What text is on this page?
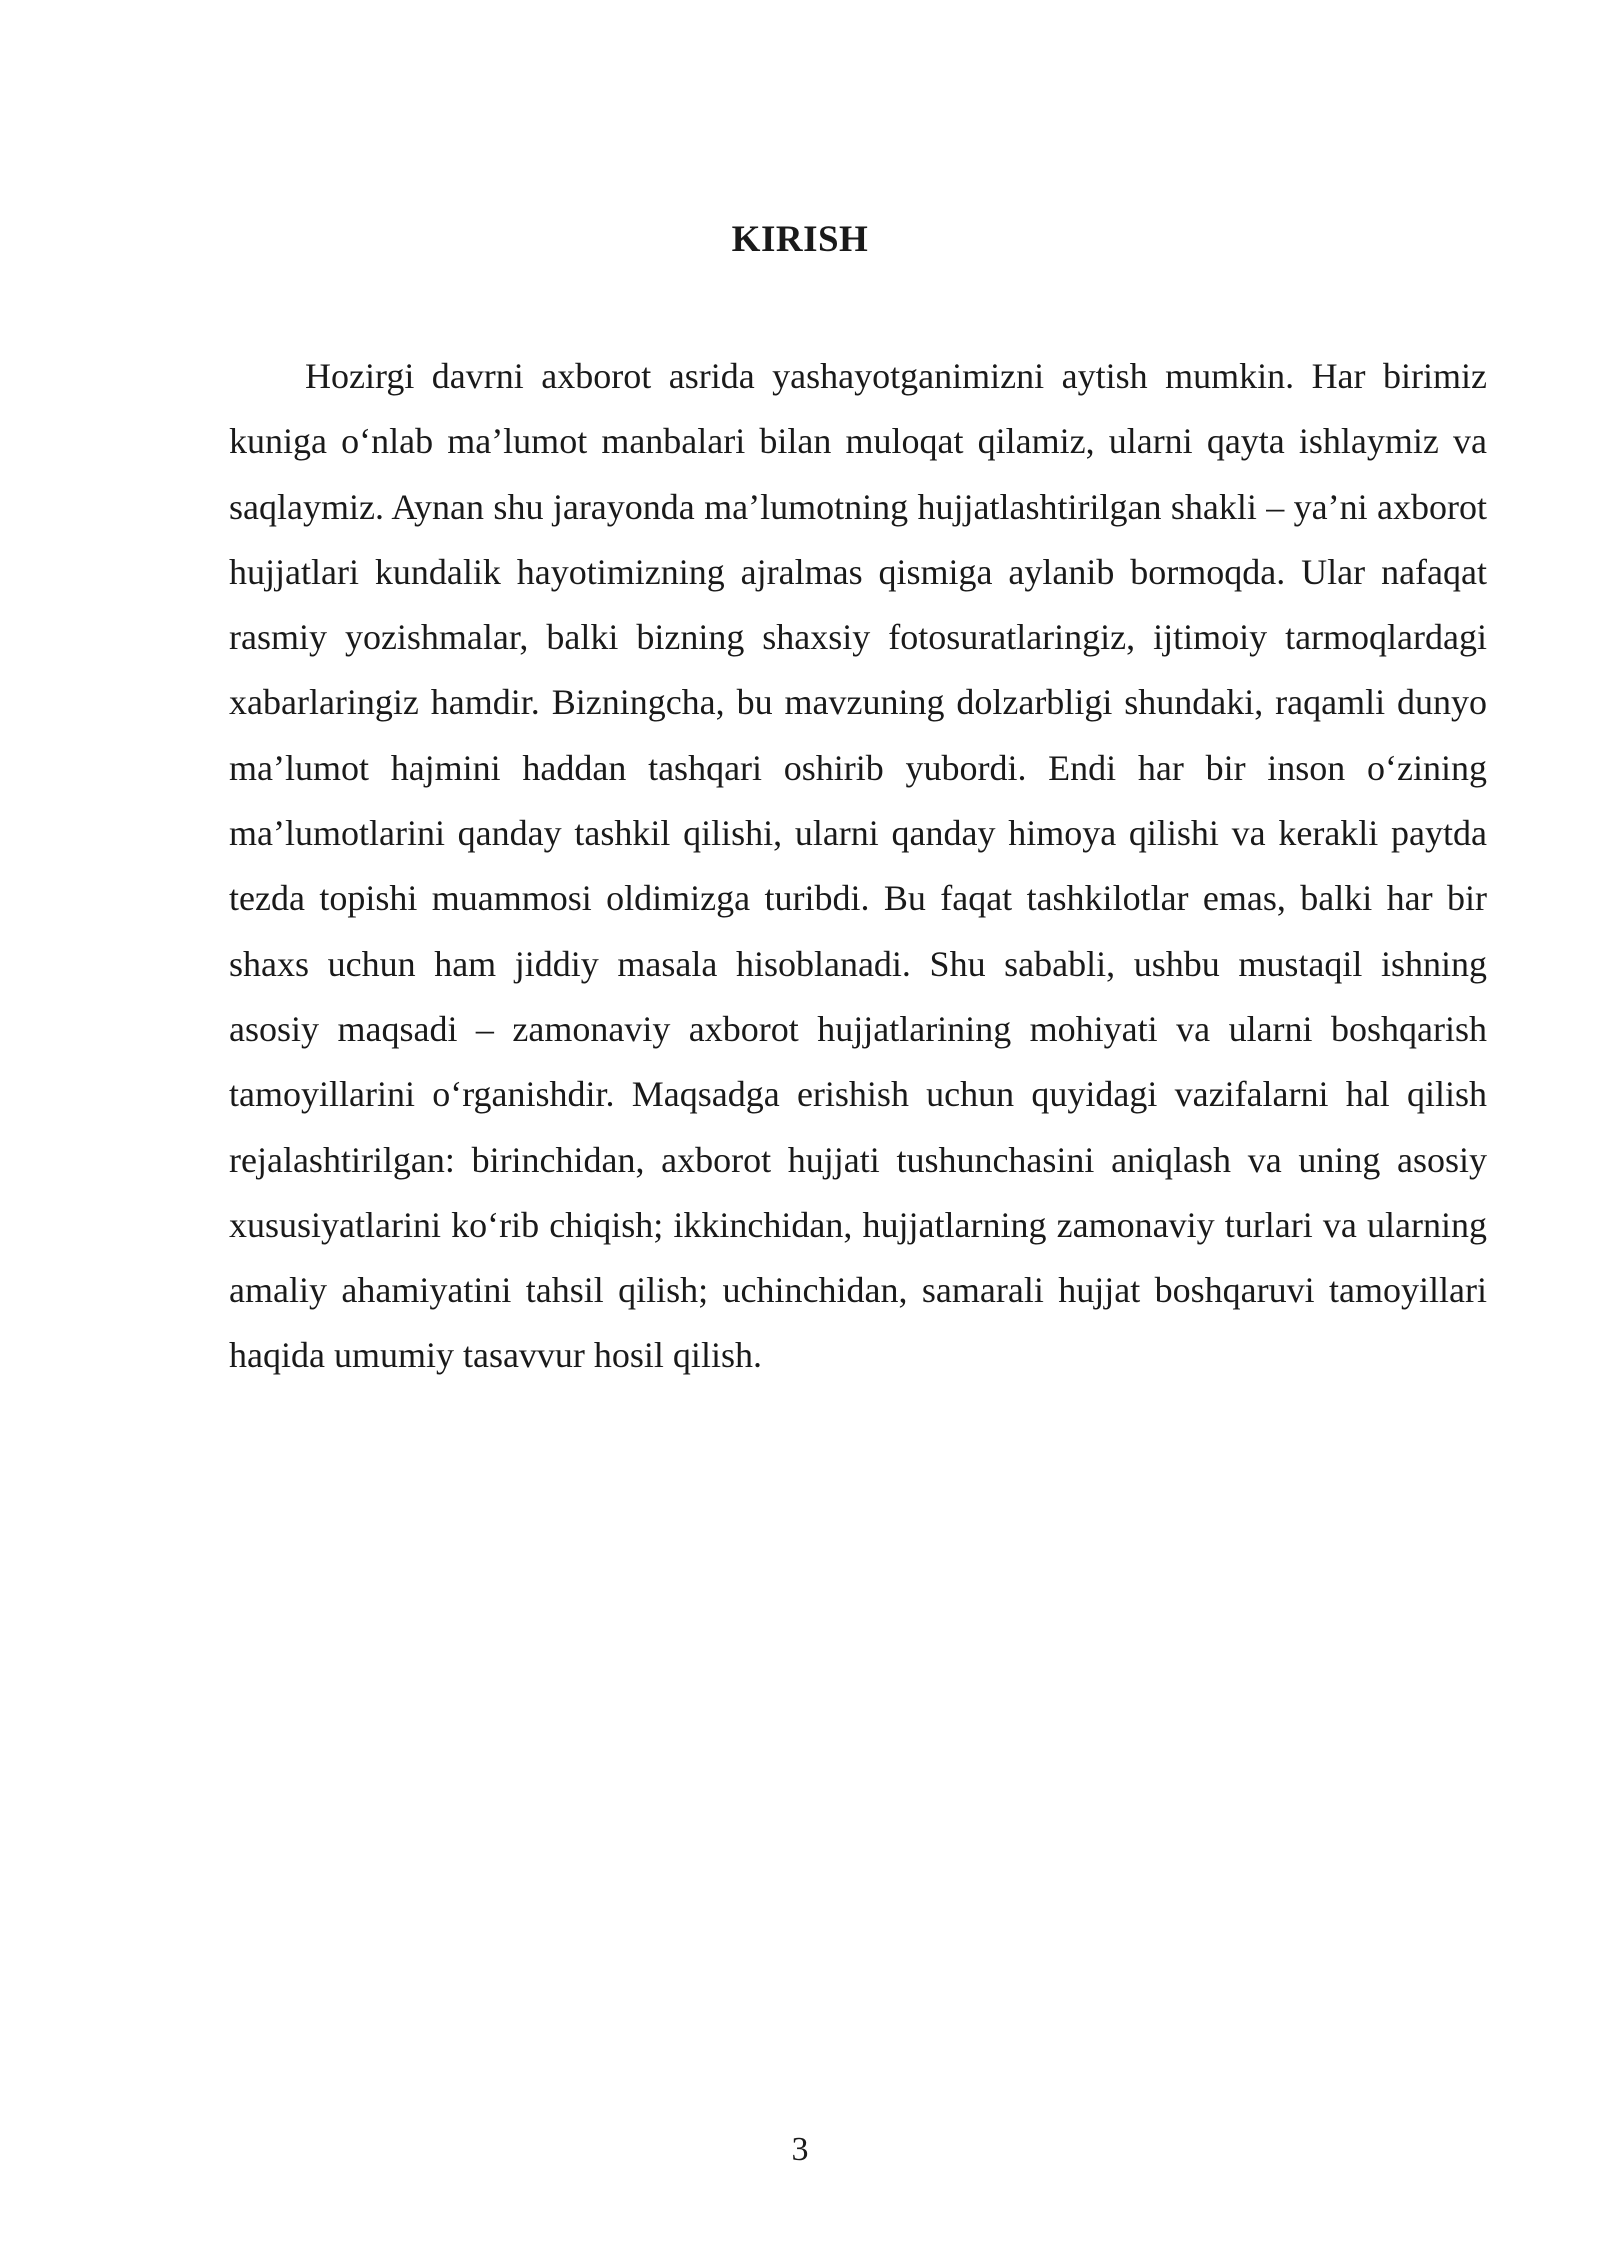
KIRISH

Hozirgi davrni axborot asrida yashayotganimizni aytish mumkin. Har birimiz kuniga o‘nlab ma’lumot manbalari bilan muloqat qilamiz, ularni qayta ishlaymiz va saqlaymiz. Aynan shu jarayonda ma’lumotning hujjatlashtirilgan shakli – ya’ni axborot hujjatlari kundalik hayotimizning ajralmas qismiga aylanib bormoqda. Ular nafaqat rasmiy yozishmalar, balki bizning shaxsiy fotosuratlaringiz, ijtimoiy tarmoqlardagi xabarlaringiz hamdir. Bizningcha, bu mavzuning dolzarbligi shundaki, raqamli dunyo ma’lumot hajmini haddan tashqari oshirib yubordi. Endi har bir inson o‘zining ma’lumotlarini qanday tashkil qilishi, ularni qanday himoya qilishi va kerakli paytda tezda topishi muammosi oldimizga turibdi. Bu faqat tashkilotlar emas, balki har bir shaxs uchun ham jiddiy masala hisoblanadi. Shu sababli, ushbu mustaqil ishning asosiy maqsadi – zamonaviy axborot hujjatlarining mohiyati va ularni boshqarish tamoyillarini o‘rganishdir. Maqsadga erishish uchun quyidagi vazifalarni hal qilish rejalashtirilgan: birinchidan, axborot hujjati tushunchasini aniqlash va uning asosiy xususiyatlarini ko‘rib chiqish; ikkinchidan, hujjatlarning zamonaviy turlari va ularning amaliy ahamiyatini tahsil qilish; uchinchidan, samarali hujjat boshqaruvi tamoyillari haqida umumiy tasavvur hosil qilish.

3
